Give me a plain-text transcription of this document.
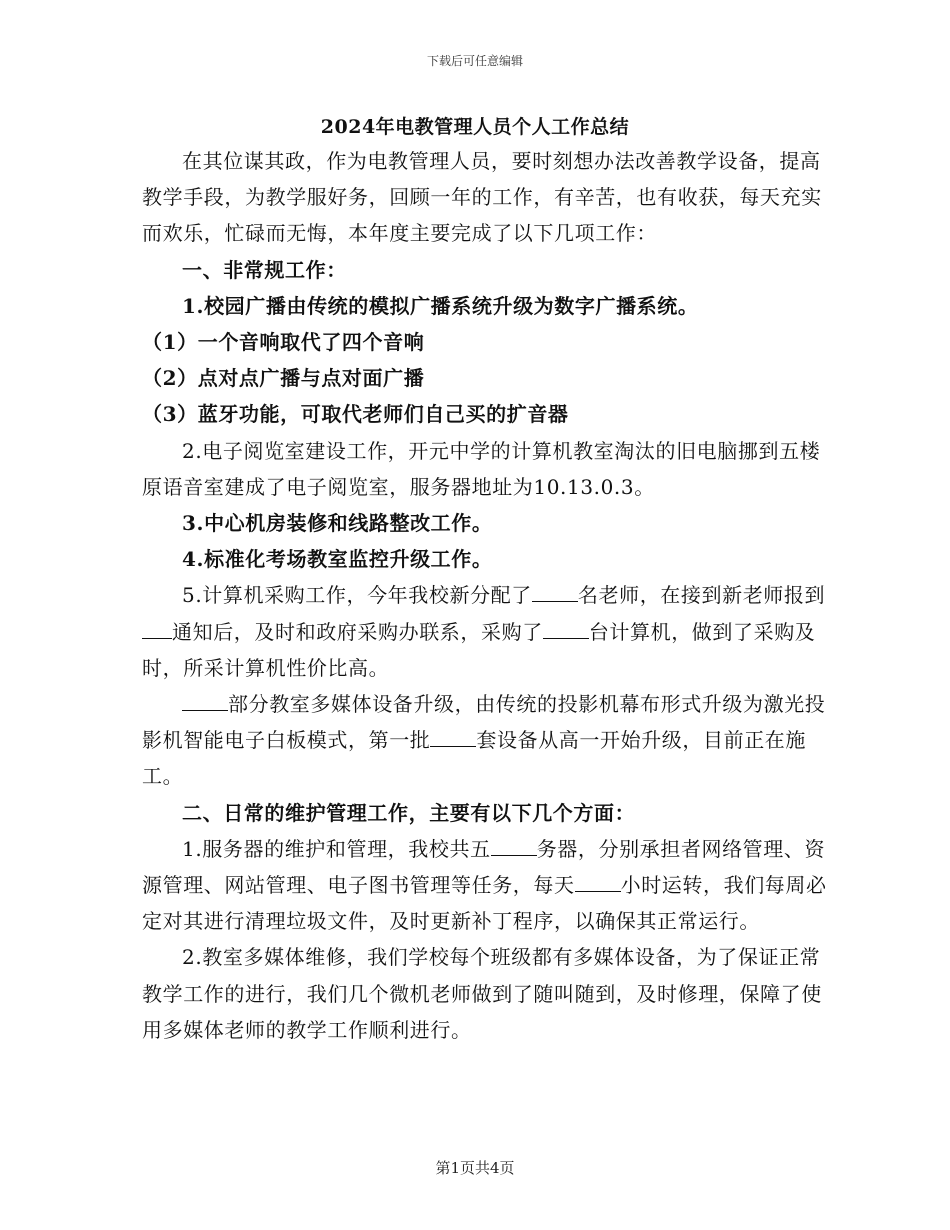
下载后可任意编辑
2024年电教管理人员个人工作总结

在其位谋其政，作为电教管理人员，要时刻想办法改善教学设备，提高教学手段，为教学服好务，回顾一年的工作，有辛苦，也有收获，每天充实而欢乐，忙碌而无悔，本年度主要完成了以下几项工作：

一、非常规工作：

1.校园广播由传统的模拟广播系统升级为数字广播系统。

（1）一个音响取代了四个音响

（2）点对点广播与点对面广播

（3）蓝牙功能，可取代老师们自己买的扩音器

2.电子阅览室建设工作，开元中学的计算机教室淘汰的旧电脑挪到五楼原语音室建成了电子阅览室，服务器地址为10.13.0.3。

3.中心机房装修和线路整改工作。

4.标准化考场教室监控升级工作。

5.计算机采购工作，今年我校新分配了 名老师，在接到新老师报到通知后，及时和政府采购办联系，采购了 台计算机，做到了采购及时，所采计算机性价比高。

部分教室多媒体设备升级，由传统的投影机幕布形式升级为激光投影机智能电子白板模式，第一批 套设备从高一开始升级，目前正在施工。

二、日常的维护管理工作，主要有以下几个方面：

1.服务器的维护和管理，我校共五 务器，分别承担者网络管理、资源管理、网站管理、电子图书管理等任务，每天 小时运转，我们每周必定对其进行清理垃圾文件，及时更新补丁程序，以确保其正常运行。

2.教室多媒体维修，我们学校每个班级都有多媒体设备，为了保证正常教学工作的进行，我们几个微机老师做到了随叫随到，及时修理，保障了使用多媒体老师的教学工作顺利进行。

第1页共4页
